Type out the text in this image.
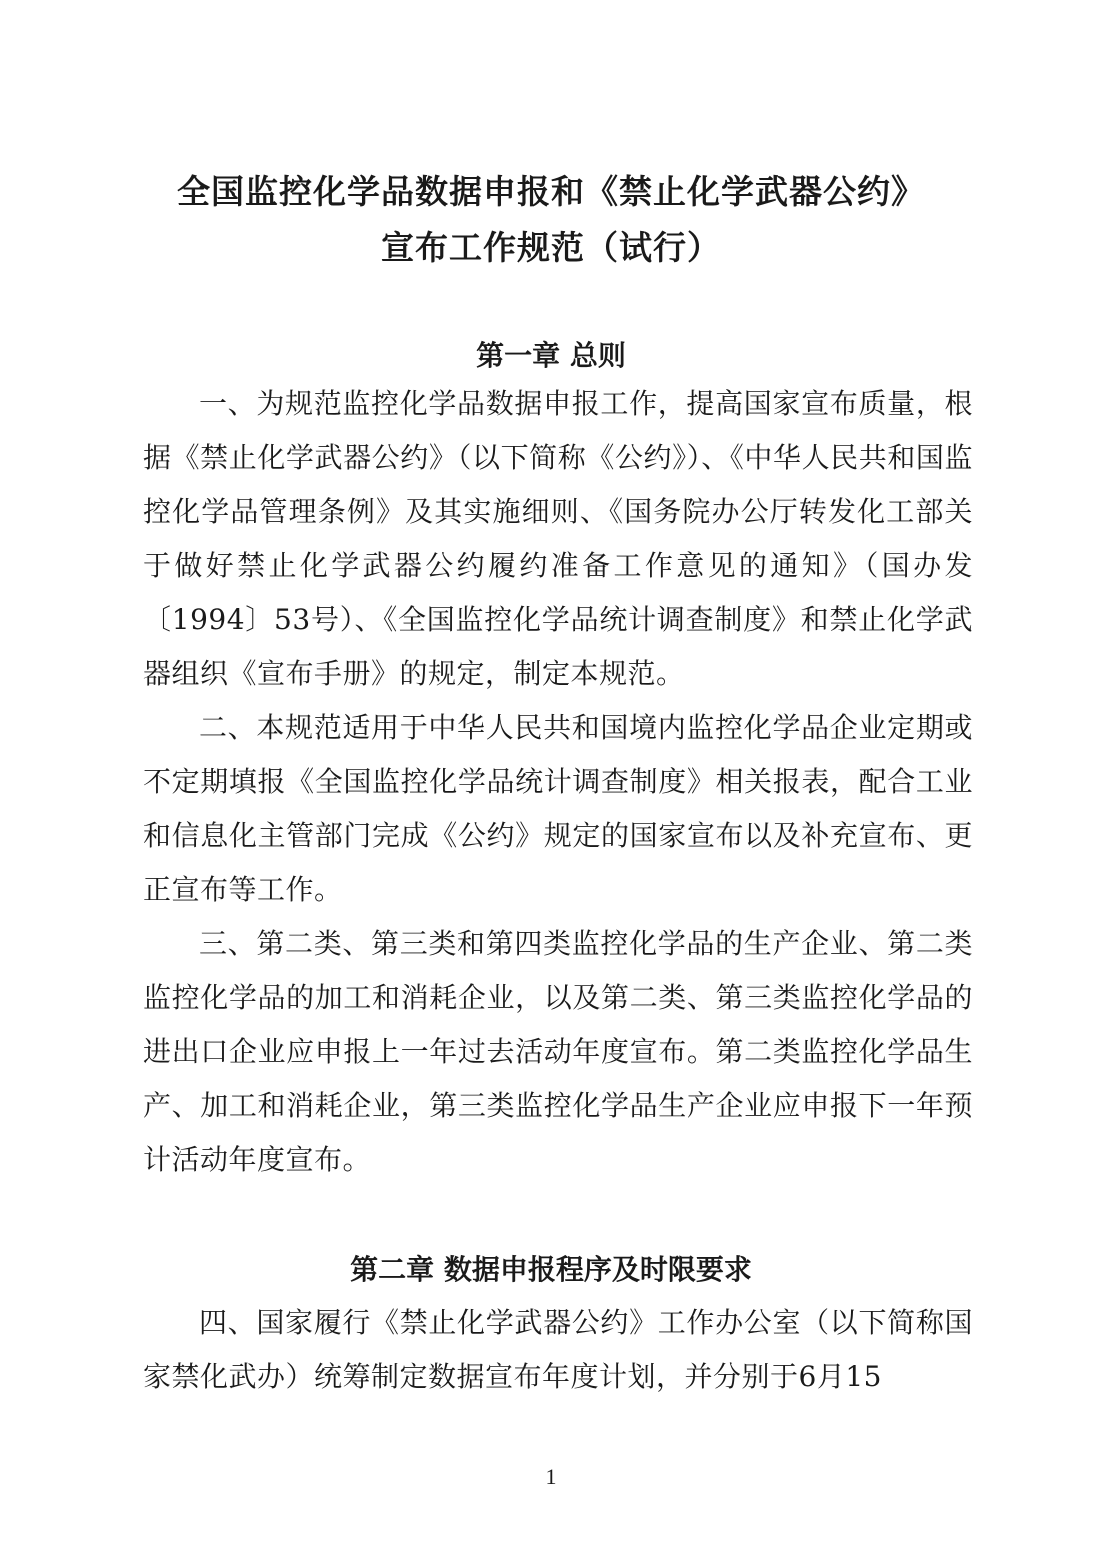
全国监控化学品数据申报和《禁止化学武器公约》
宣布工作规范（试行）
第一章 总则

一、为规范监控化学品数据申报工作，提高国家宣布质量，根据《禁止化学武器公约》（以下简称《公约》）、《中华人民共和国监控化学品管理条例》及其实施细则、《国务院办公厅转发化工部关于做好禁止化学武器公约履约准备工作意见的通知》（国办发〔1994〕53号）、《全国监控化学品统计调查制度》和禁止化学武器组织《宣布手册》的规定，制定本规范。

二、本规范适用于中华人民共和国境内监控化学品企业定期或不定期填报《全国监控化学品统计调查制度》相关报表，配合工业和信息化主管部门完成《公约》规定的国家宣布以及补充宣布、更正宣布等工作。

三、第二类、第三类和第四类监控化学品的生产企业、第二类监控化学品的加工和消耗企业，以及第二类、第三类监控化学品的进出口企业应申报上一年过去活动年度宣布。第二类监控化学品生产、加工和消耗企业，第三类监控化学品生产企业应申报下一年预计活动年度宣布。

第二章 数据申报程序及时限要求

四、国家履行《禁止化学武器公约》工作办公室（以下简称国家禁化武办）统筹制定数据宣布年度计划，并分别于6月15

1
